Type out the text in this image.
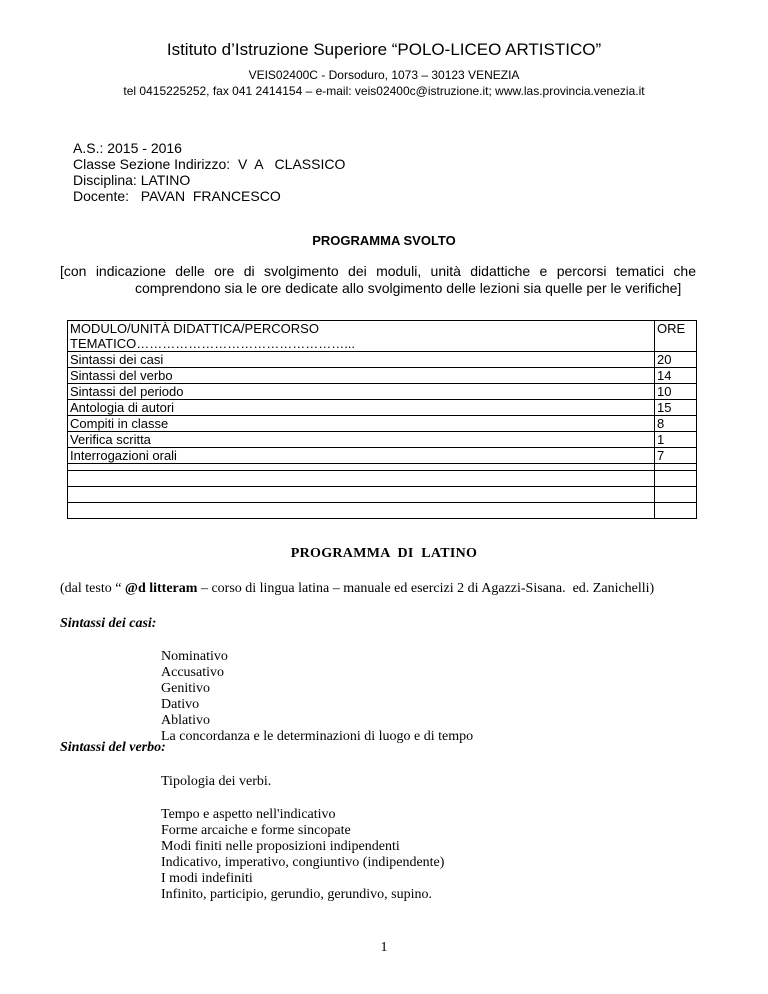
Istituto d’Istruzione Superiore “POLO-LICEO ARTISTICO”
VEIS02400C - Dorsoduro, 1073 – 30123 VENEZIA
tel 0415225252, fax 041 2414154 – e-mail: veis02400c@istruzione.it; www.las.provincia.venezia.it
A.S.: 2015 - 2016
Classe Sezione Indirizzo:  V  A   CLASSICO
Disciplina: LATINO
Docente:   PAVAN  FRANCESCO
PROGRAMMA SVOLTO
[con indicazione delle ore di svolgimento dei moduli, unità didattiche e percorsi tematici che
comprendono sia le ore dedicate allo svolgimento delle lezioni sia quelle per le verifiche]
MODULO/UNITÀ DIDATTICA/PERCORSO
TEMATICO…………………………………………...	ORE
Sintassi dei casi	20
Sintassi del verbo	14
Sintassi del periodo	10
Antologia di autori	15
Compiti in classe	8
Verifica scritta	1
Interrogazioni orali	7

PROGRAMMA  DI  LATINO
(dal testo “ @d litteram – corso di lingua latina – manuale ed esercizi 2 di Agazzi-Sisana.  ed. Zanichelli)
Sintassi dei casi:
Nominativo
Accusativo
Genitivo
Dativo
Ablativo
La concordanza e le determinazioni di luogo e di tempo
Sintassi del verbo:
Tipologia dei verbi.
Tempo e aspetto nell'indicativo
Forme arcaiche e forme sincopate
Modi finiti nelle proposizioni indipendenti
Indicativo, imperativo, congiuntivo (indipendente)
I modi indefiniti
Infinito, participio, gerundio, gerundivo, supino.
1
